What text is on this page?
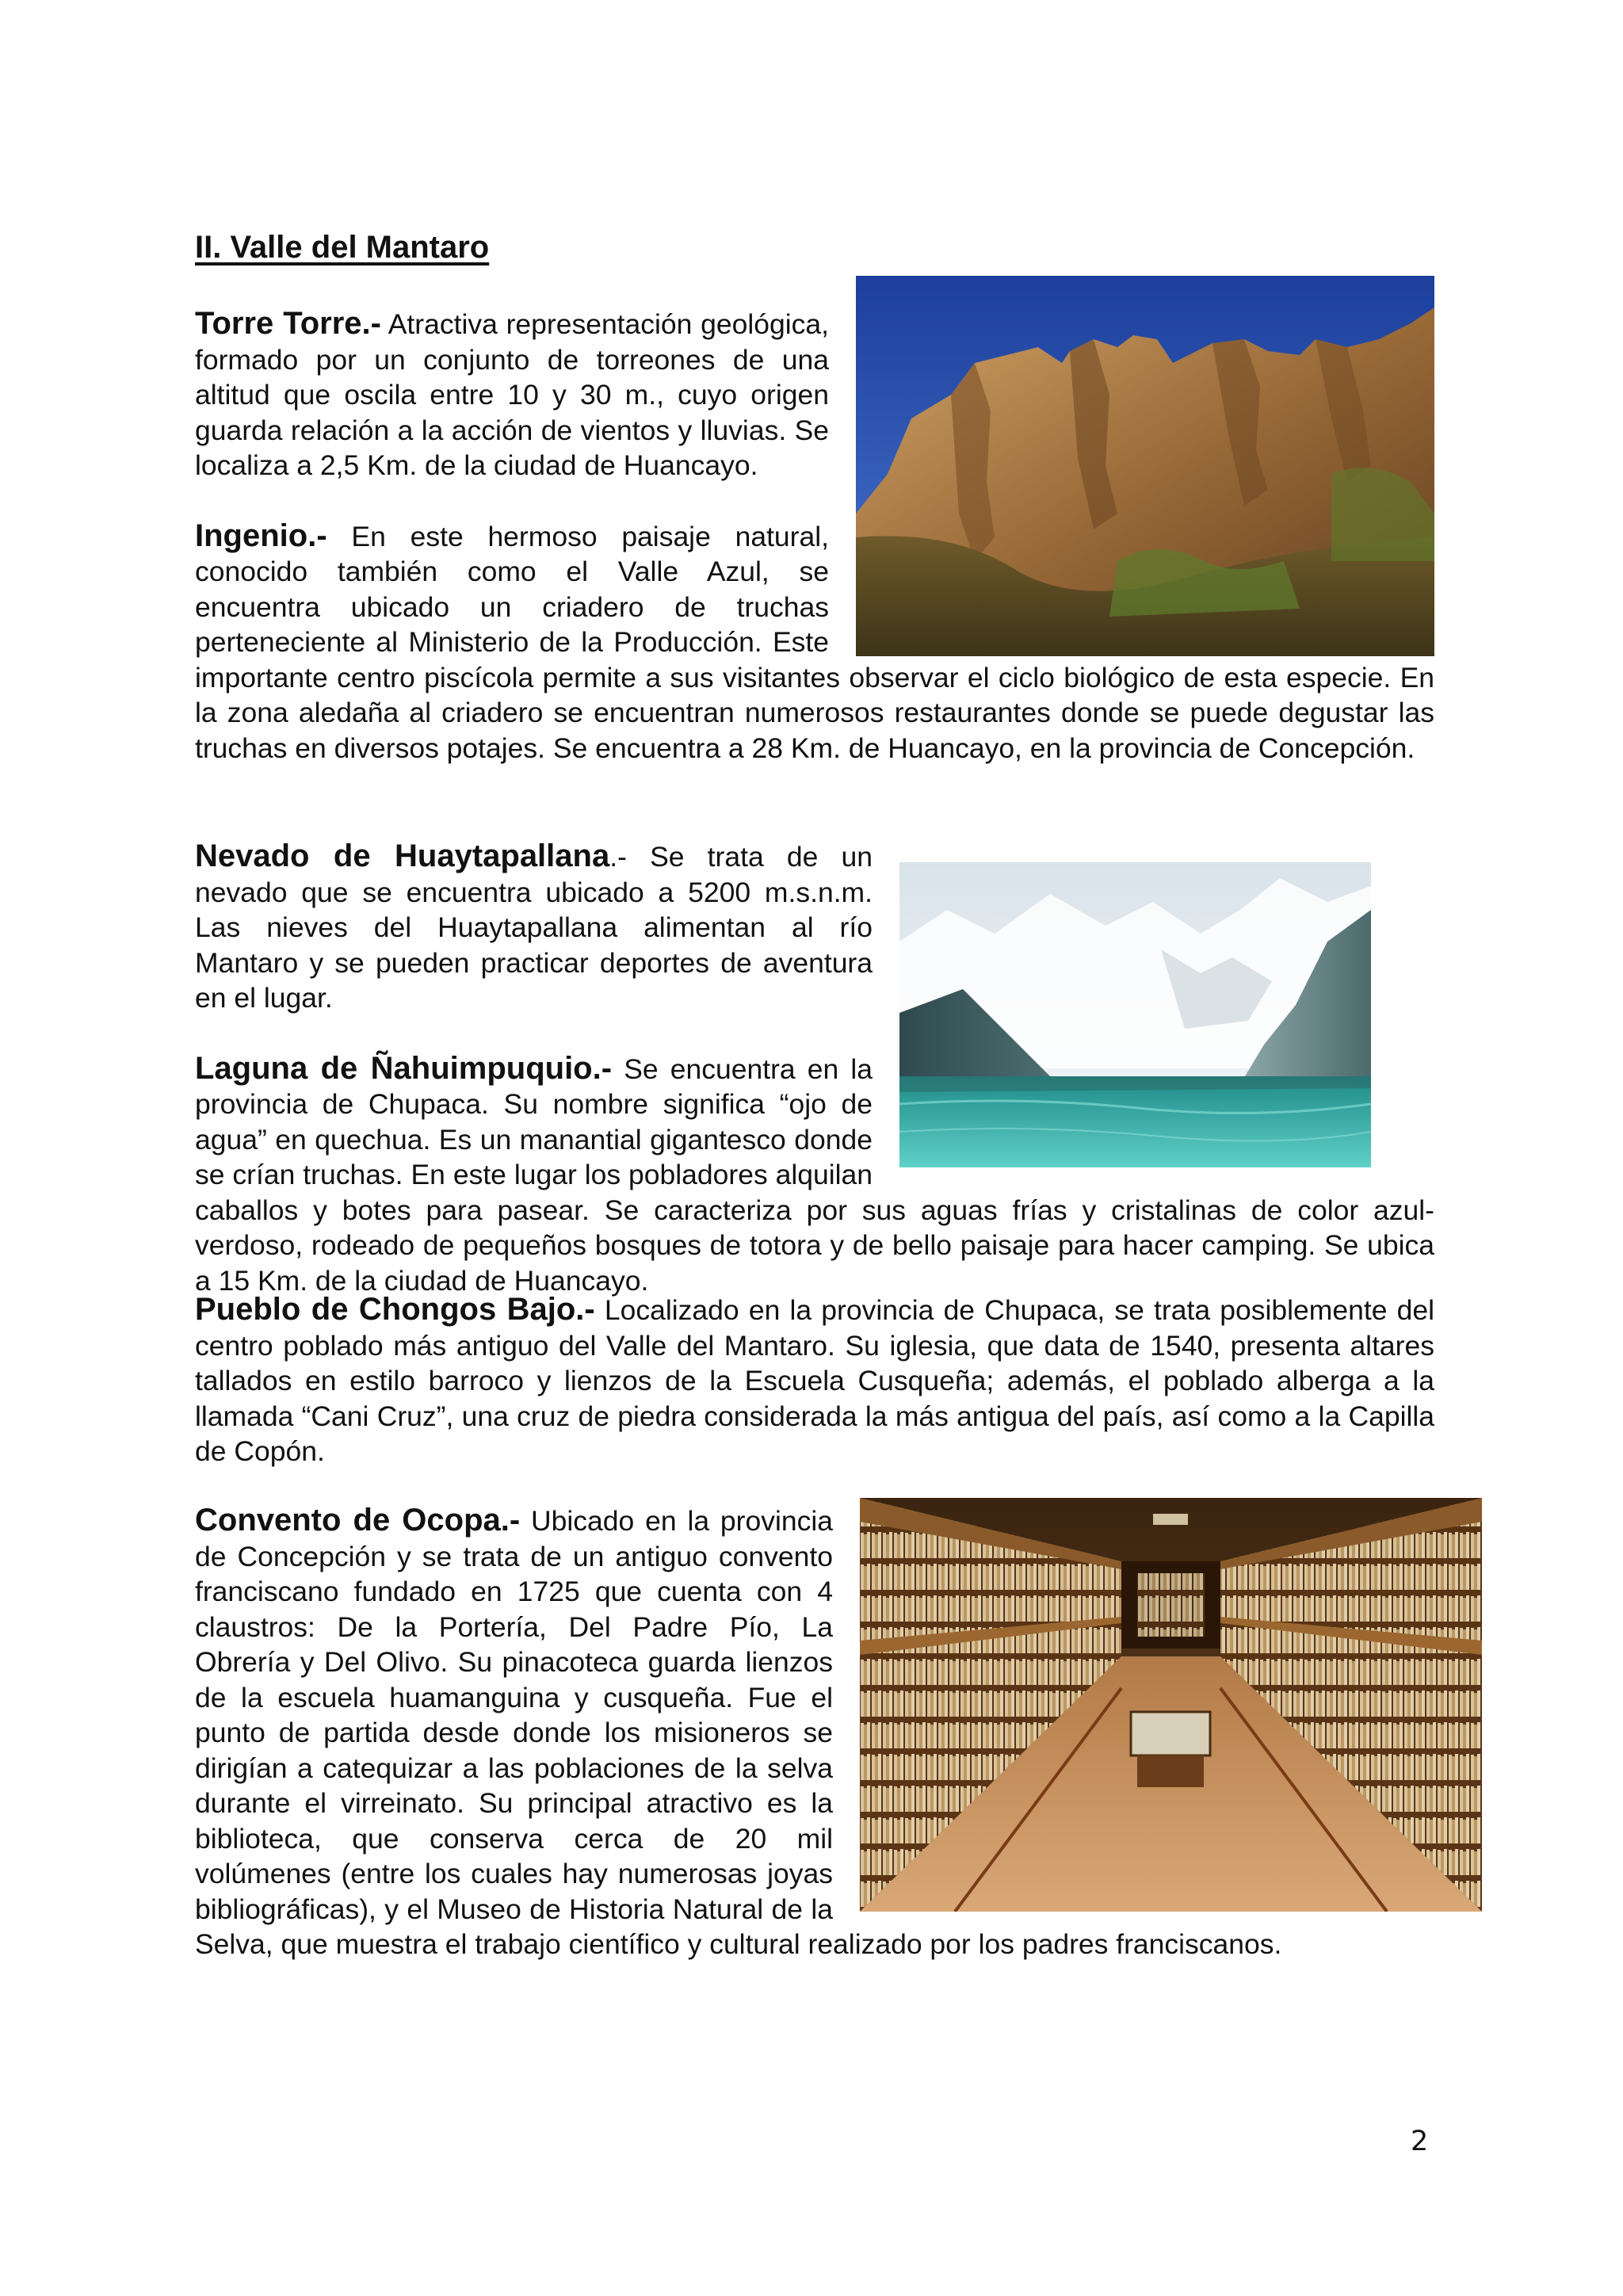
II. Valle del Mantaro

Torre Torre.- Atractiva representación geológica, formado por un conjunto de torreones de una altitud que oscila entre 10 y 30 m., cuyo origen guarda relación a la acción de vientos y lluvias. Se localiza a 2,5 Km. de la ciudad de Huancayo.

Ingenio.- En este hermoso paisaje natural, conocido también como el Valle Azul, se encuentra ubicado un criadero de truchas perteneciente al Ministerio de la Producción. Este importante centro piscícola permite a sus visitantes observar el ciclo biológico de esta especie. En la zona aledaña al criadero se encuentran numerosos restaurantes donde se puede degustar las truchas en diversos potajes. Se encuentra a 28 Km. de Huancayo, en la provincia de Concepción.

Nevado de Huaytapallana.- Se trata de un nevado que se encuentra ubicado a 5200 m.s.n.m. Las nieves del Huaytapallana alimentan al río Mantaro y se pueden practicar deportes de aventura en el lugar.

Laguna de Ñahuimpuquio.- Se encuentra en la provincia de Chupaca. Su nombre significa “ojo de agua” en quechua. Es un manantial gigantesco donde se crían truchas. En este lugar los pobladores alquilan caballos y botes para pasear. Se caracteriza por sus aguas frías y cristalinas de color azul-verdoso, rodeado de pequeños bosques de totora y de bello paisaje para hacer camping. Se ubica a 15 Km. de la ciudad de Huancayo.

Pueblo de Chongos Bajo.- Localizado en la provincia de Chupaca, se trata posiblemente del centro poblado más antiguo del Valle del Mantaro. Su iglesia, que data de 1540, presenta altares tallados en estilo barroco y lienzos de la Escuela Cusqueña; además, el poblado alberga a la llamada “Cani Cruz”, una cruz de piedra considerada la más antigua del país, así como a la Capilla de Copón.

Convento de Ocopa.- Ubicado en la provincia de Concepción y se trata de un antiguo convento franciscano fundado en 1725 que cuenta con 4 claustros: De la Portería, Del Padre Pío, La Obrería y Del Olivo. Su pinacoteca guarda lienzos de la escuela huamanguina y cusqueña. Fue el punto de partida desde donde los misioneros se dirigían a catequizar a las poblaciones de la selva durante el virreinato. Su principal atractivo es la biblioteca, que conserva cerca de 20 mil volúmenes (entre los cuales hay numerosas joyas bibliográficas), y el Museo de Historia Natural de la Selva, que muestra el trabajo científico y cultural realizado por los padres franciscanos.

2
